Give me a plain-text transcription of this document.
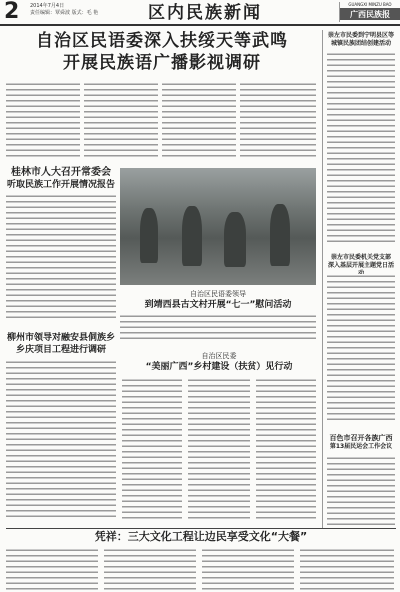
2 2014年7月4日
责任编辑：覃舜波 版式：毛 艳	区内民族新闻	GUANGXI MINZU BAO
广西民族报
自治区民语委深入扶绥天等武鸣
开展民族语广播影视调研
桂林市人大召开常委会
听取民族工作开展情况报告
柳州市领导对融安县侗族乡
乡庆项目工程进行调研
自治区民语委领导
到靖西县古文村开展“七一”慰问活动
自治区民委
“美丽广西”乡村建设（扶贫）见行动
崇左市民委到宁明县区等
城镇民族团结创建活动
崇左市民委机关党支部
深入基层开展主题党日活
百色市召开各族广西
第13届民运会工作会议
凭祥：三大文化工程让边民享受文化“大餐”
